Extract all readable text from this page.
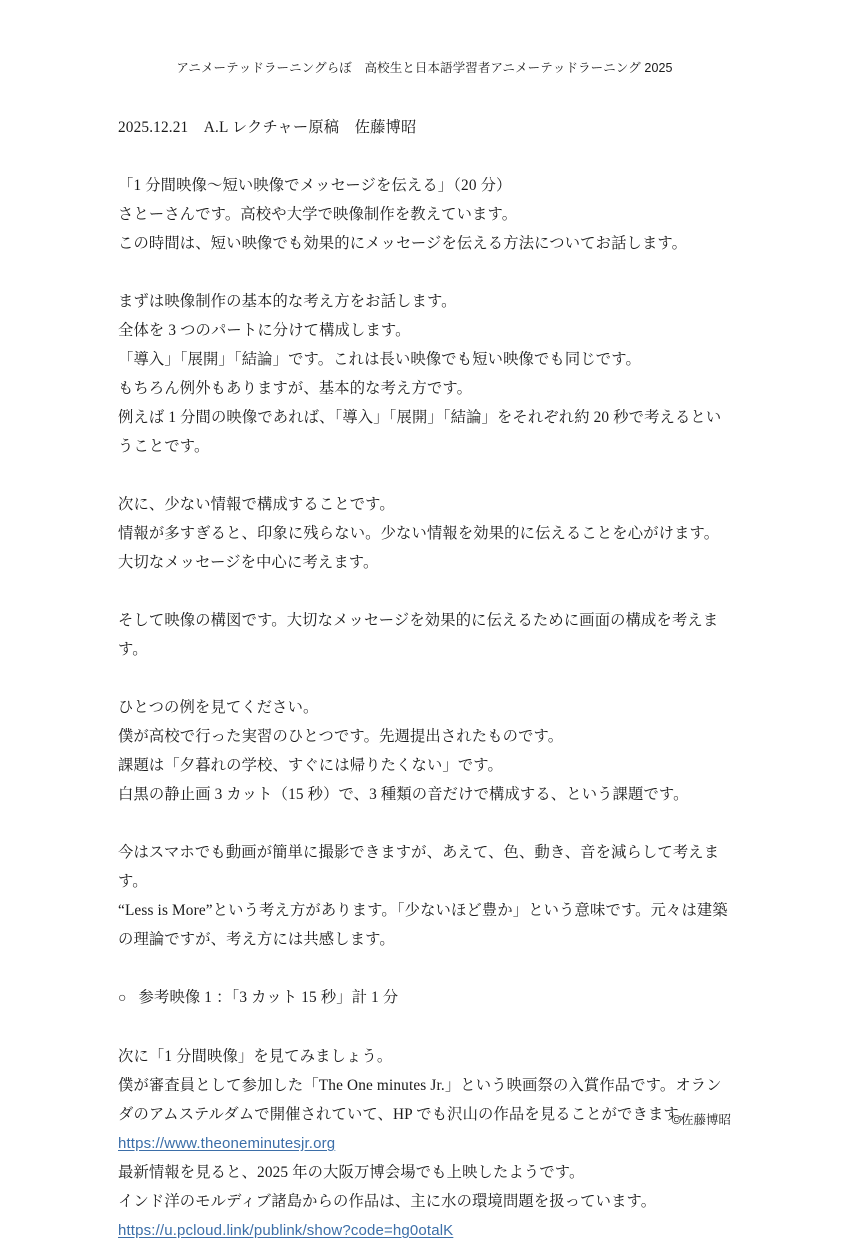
アニメーテッドラーニングらぼ　高校生と日本語学習者アニメーテッドラーニング 2025
2025.12.21　A.L レクチャー原稿　佐藤博昭
「1 分間映像〜短い映像でメッセージを伝える」（20 分）
さとーさんです。高校や大学で映像制作を教えています。
この時間は、短い映像でも効果的にメッセージを伝える方法についてお話します。
まずは映像制作の基本的な考え方をお話します。
全体を 3 つのパートに分けて構成します。
「導入」「展開」「結論」です。これは長い映像でも短い映像でも同じです。
もちろん例外もありますが、基本的な考え方です。
例えば 1 分間の映像であれば、「導入」「展開」「結論」をそれぞれ約 20 秒で考えるということです。
次に、少ない情報で構成することです。
情報が多すぎると、印象に残らない。少ない情報を効果的に伝えることを心がけます。
大切なメッセージを中心に考えます。
そして映像の構図です。大切なメッセージを効果的に伝えるために画面の構成を考えます。
ひとつの例を見てください。
僕が高校で行った実習のひとつです。先週提出されたものです。
課題は「夕暮れの学校、すぐには帰りたくない」です。
白黒の静止画 3 カット（15 秒）で、3 種類の音だけで構成する、という課題です。
今はスマホでも動画が簡単に撮影できますが、あえて、色、動き、音を減らして考えます。
“Less is More”という考え方があります。「少ないほど豊か」という意味です。元々は建築の理論ですが、考え方には共感します。
○ 参考映像 1 ：「3 カット 15 秒」計 1 分
次に「1 分間映像」を見てみましょう。
僕が審査員として参加した「The One minutes Jr.」という映画祭の入賞作品です。オランダのアムステルダムで開催されていて、HP でも沢山の作品を見ることができます。
https://www.theoneminutesjr.org
最新情報を見ると、2025 年の大阪万博会場でも上映したようです。
インド洋のモルディブ諸島からの作品は、主に水の環境問題を扱っています。
https://u.pcloud.link/publink/show?code=hg0otalK
©佐藤博昭
